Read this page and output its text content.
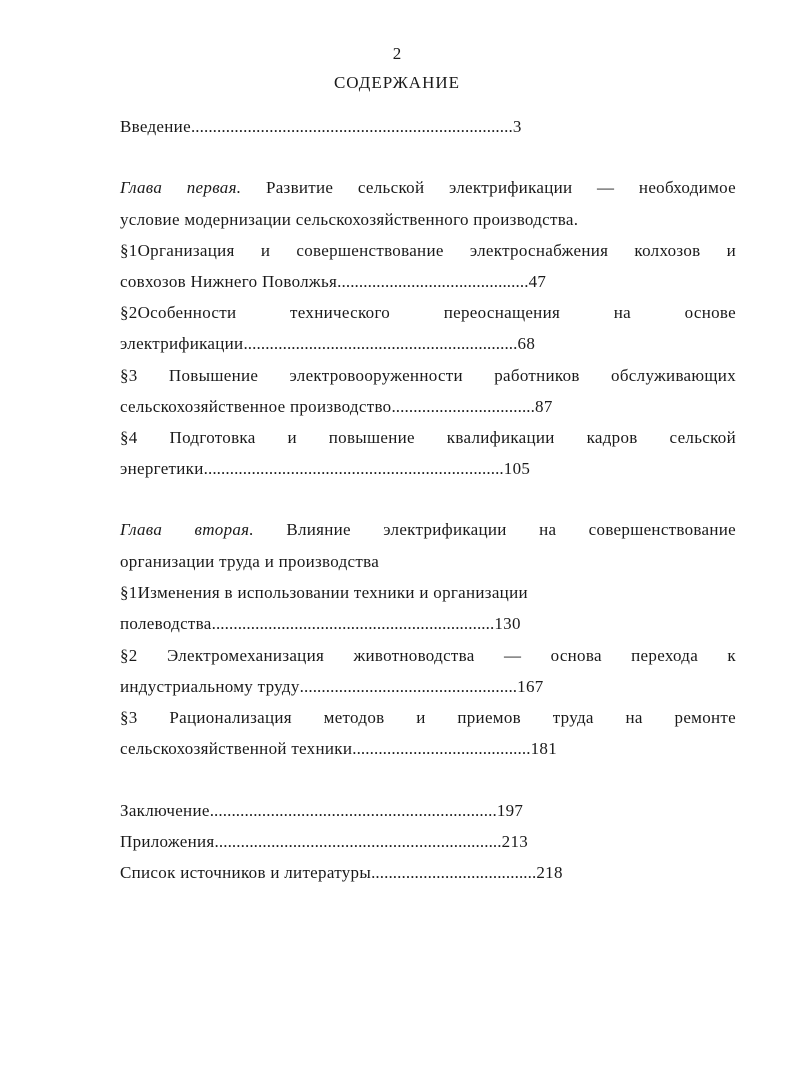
2
СОДЕРЖАНИЕ
Введение..........................................................................3
Глава первая. Развитие сельской электрификации — необходимое
условие модернизации сельскохозяйственного производства.
§1Организация и совершенствование электроснабжения колхозов и
совхозов Нижнего Поволжья............................................47
§2Особенности технического переоснащения на основе
электрификации...............................................................68
§3 Повышение электровооруженности работников обслуживающих
сельскохозяйственное производство.................................87
§4 Подготовка и повышение квалификации кадров сельской
энергетики.....................................................................105
Глава вторая. Влияние электрификации на совершенствование
организации труда и производства
§1Изменения в использовании техники и организации
полеводства.................................................................130
§2 Электромеханизация животноводства — основа перехода к
индустриальному труду..................................................167
§3 Рационализация методов и приемов труда на ремонте
сельскохозяйственной техники.........................................181
Заключение..................................................................197
Приложения..................................................................213
Список источников и литературы......................................218
